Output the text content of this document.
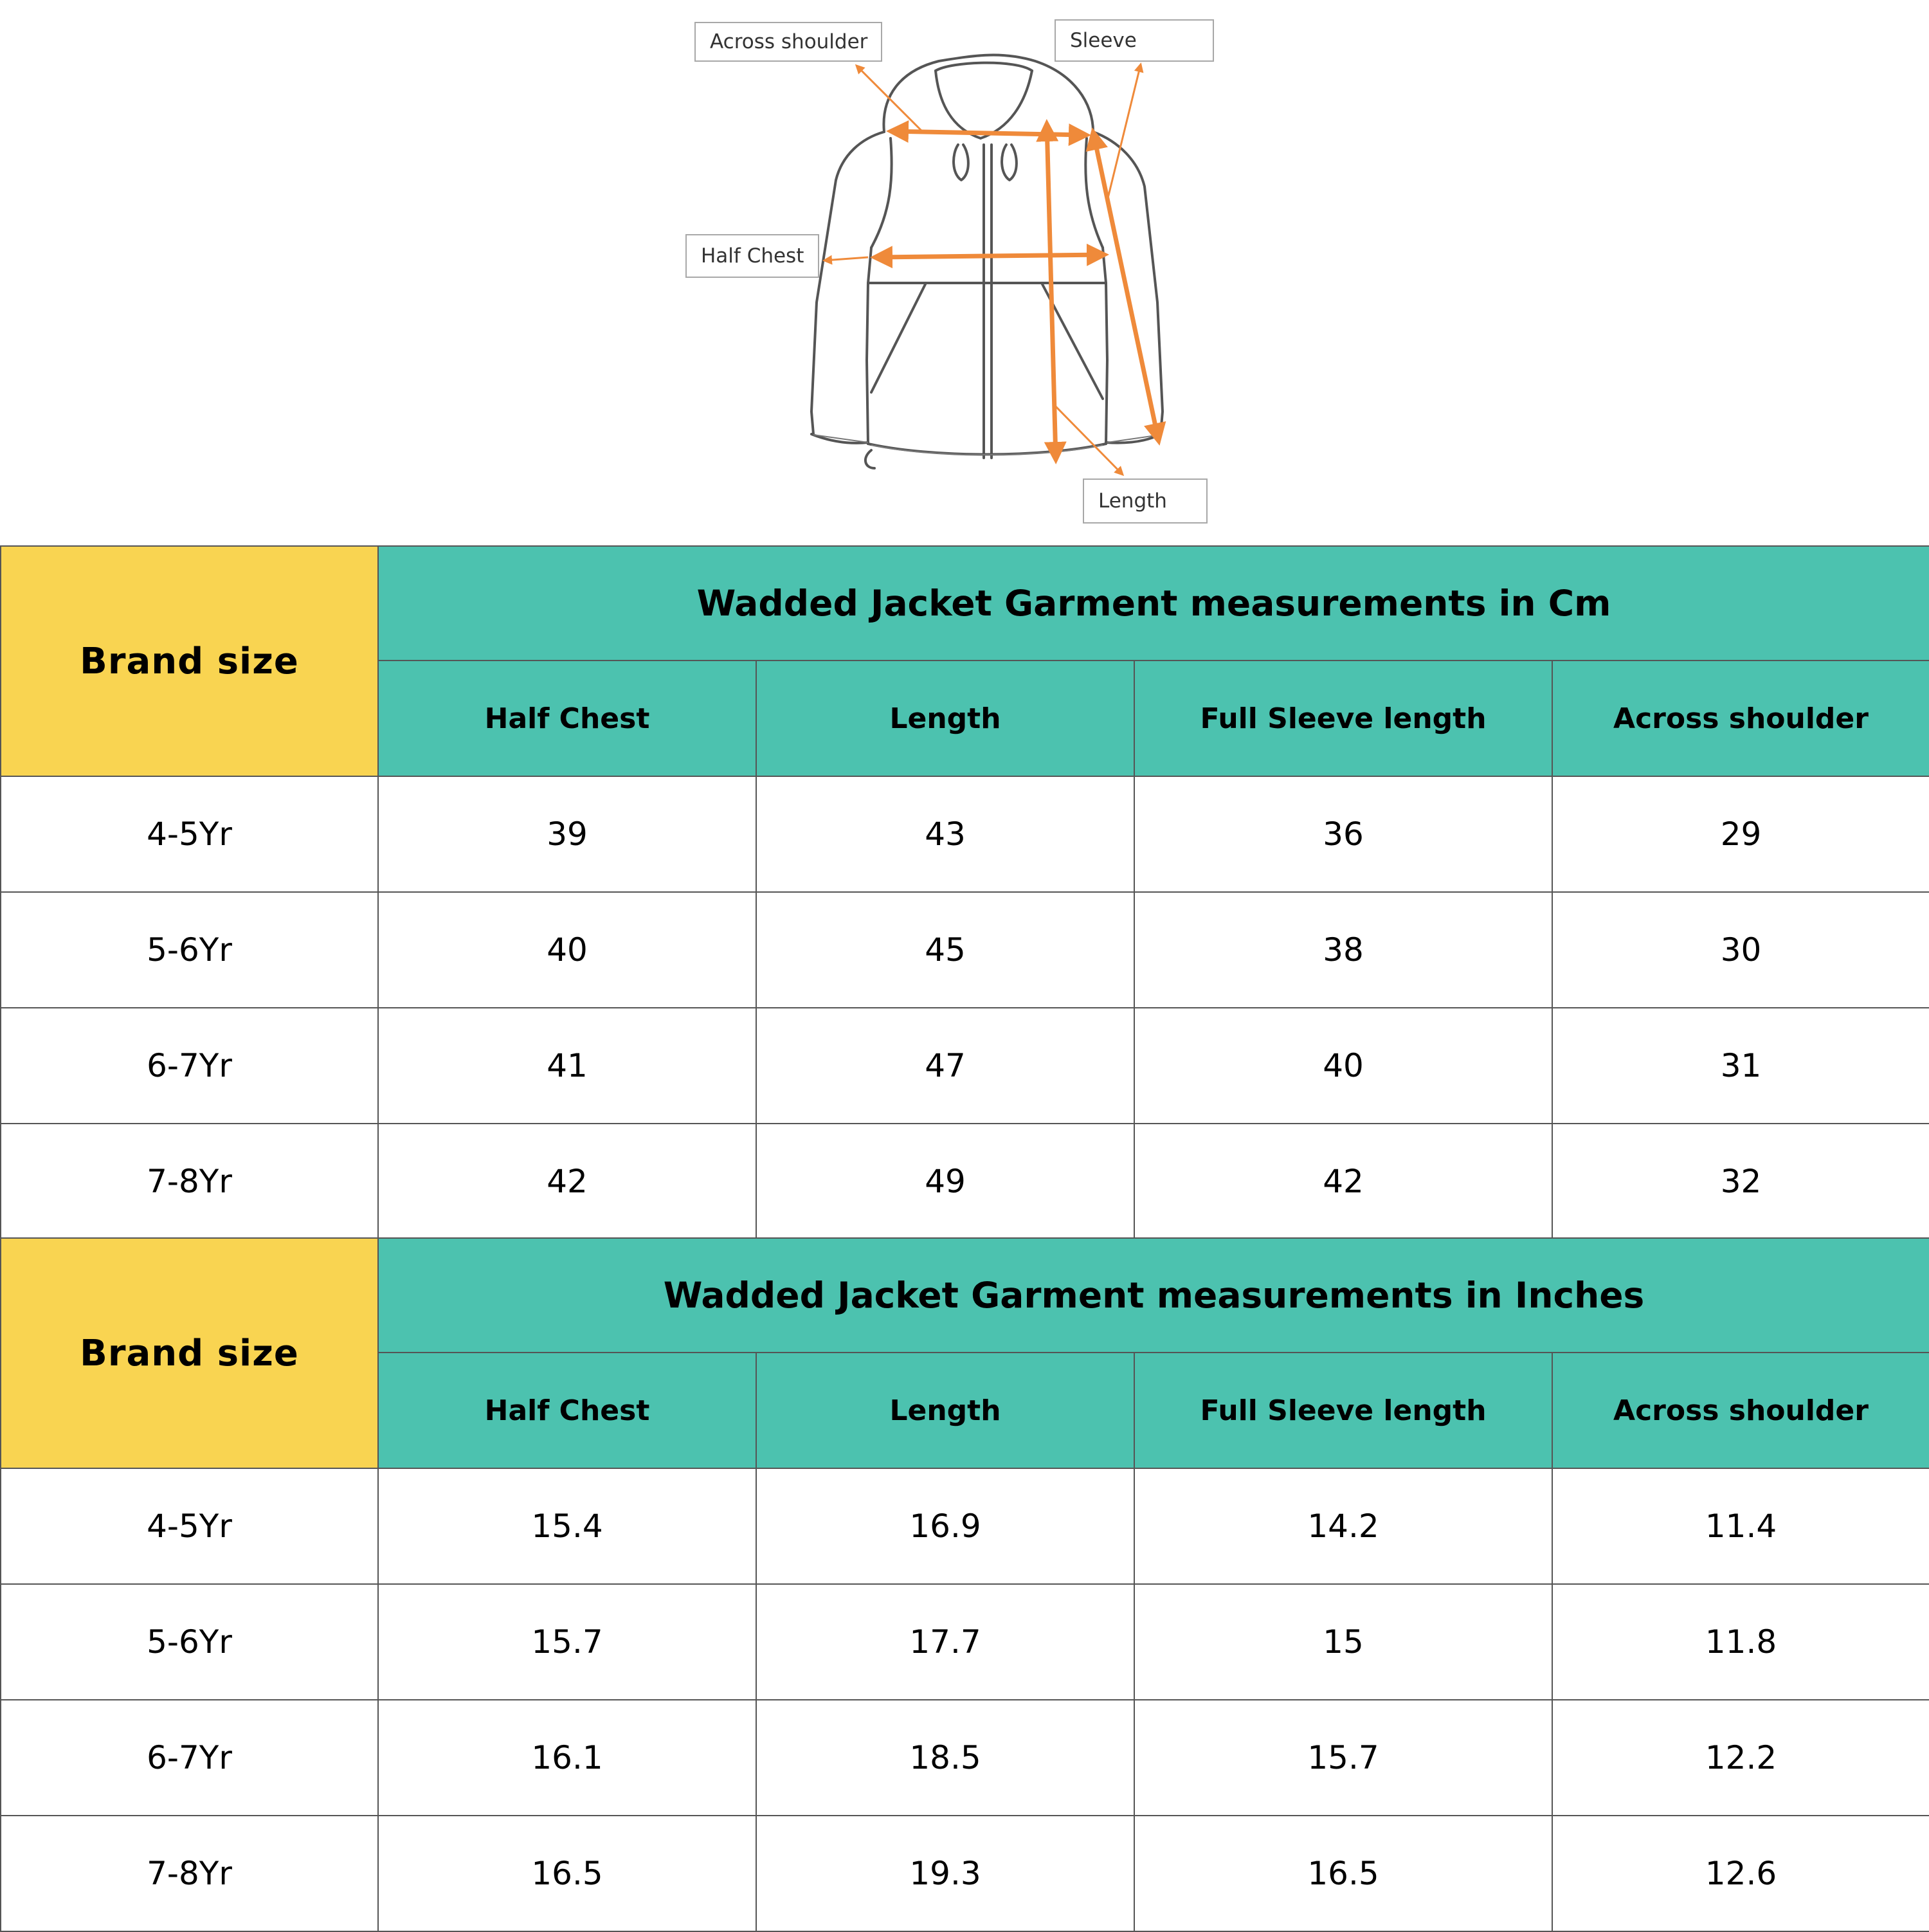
Across shoulder	Sleeve
Half Chest
Length
Brand size	Wadded Jacket Garment measurements in Cm			
	Half Chest	Length	Full Sleeve length	Across shoulder
4-5Yr	39	43	36	29
5-6Yr	40	45	38	30
6-7Yr	41	47	40	31
7-8Yr	42	49	42	32
Brand size	Wadded Jacket Garment measurements in Inches			
	Half Chest	Length	Full Sleeve length	Across shoulder
4-5Yr	15.4	16.9	14.2	11.4
5-6Yr	15.7	17.7	15	11.8
6-7Yr	16.1	18.5	15.7	12.2
7-8Yr	16.5	19.3	16.5	12.6
